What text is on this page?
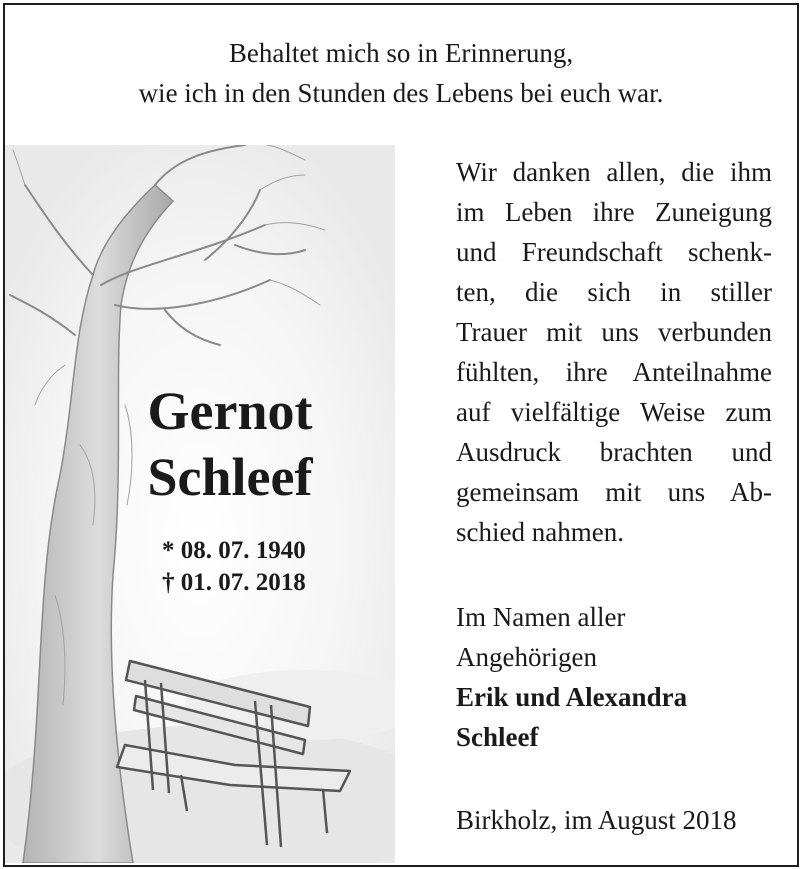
Behaltet mich so in Erinnerung,
wie ich in den Stunden des Lebens bei euch war.
Gernot
Schleef
* 08. 07. 1940
† 01. 07. 2018
Wir danken allen, die ihm
im Leben ihre Zuneigung
und Freundschaft schenk-
ten, die sich in stiller
Trauer mit uns verbunden
fühlten, ihre Anteilnahme
auf vielfältige Weise zum
Ausdruck brachten und
gemeinsam mit uns Ab-
schied nahmen.
Im Namen aller
Angehörigen
Erik und Alexandra
Schleef
Birkholz, im August 2018
